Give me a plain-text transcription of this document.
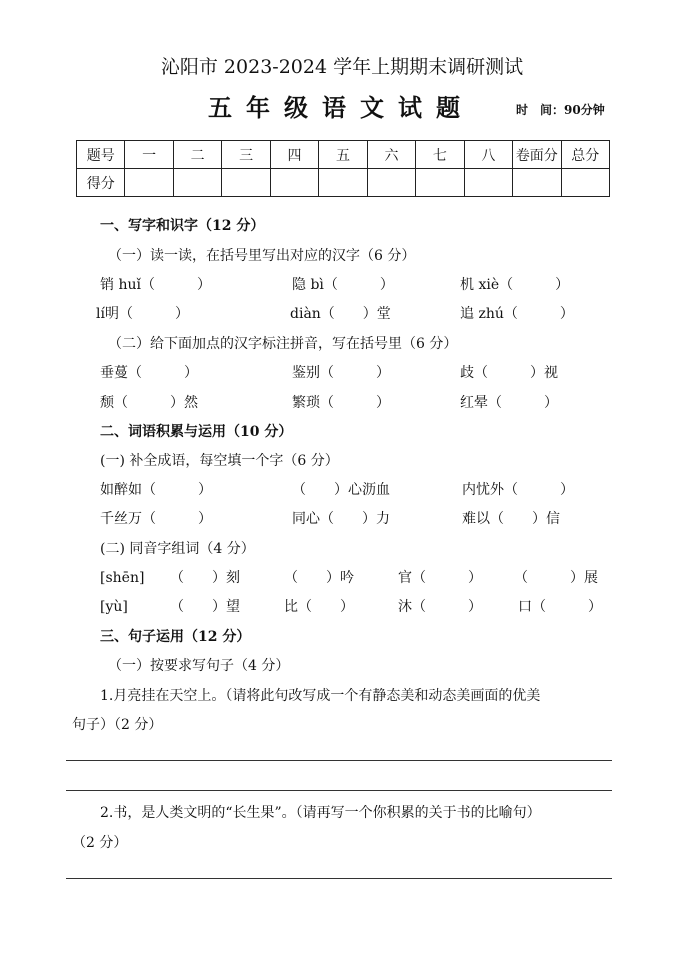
沁阳市 2023-2024 学年上期期末调研测试
五年级语文试题	时　间：90分钟
题号	一	二	三	四	五	六	七	八	卷面分	总分
得分										
一、写字和识字（12 分）
（一）读一读，在括号里写出对应的汉字（6 分）
销 huǐ（　　　）	隐 bì（　　　）	机 xiè（　　　）
lí明（　　　）	diàn（　　）堂	追 zhú（　　　）
（二）给下面加点的汉字标注拼音，写在括号里（6 分）
垂蔓（　　　）	鉴别（　　　）	歧（　　　）视
颓（　　　）然	繁琐（　　　）	红晕（　　　）
二、词语积累与运用（10 分）
(一) 补全成语，每空填一个字（6 分）
如醉如（　　　）	（　　）心沥血	内忧外（　　　）
千丝万（　　　）	同心（　　）力	难以（　　）信
(二) 同音字组词（4 分）
[shēn] （　　）刻	（　　）吟	官（　　　） （　　　）展
[yù]	（　　）望	比（　　）	沐（　　　）	口（　　　）
三、句子运用（12 分）
（一）按要求写句子（4 分）
1.月亮挂在天空上。（请将此句改写成一个有静态美和动态美画面的优美
句子）（2 分）
2.书，是人类文明的“长生果”。（请再写一个你积累的关于书的比喻句）
（2 分）
